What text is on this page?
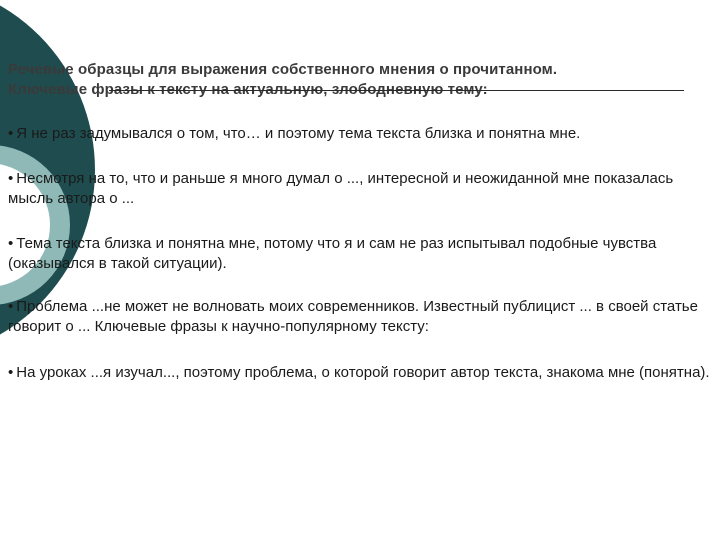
Речевые образцы для выражения собственного мнения о прочитанном.
Ключевые фразы к тексту на актуальную, злободневную тему:
• Я не раз задумывался о том, что… и поэтому тема текста близка и понятна мне.
• Несмотря на то, что и раньше я много думал о ..., интересной и неожиданной мне показалась мысль автора о ...
• Тема текста близка и понятна мне, потому что я и сам не раз испытывал подобные чувства (оказывался в такой ситуации).
• Проблема ...не может не волновать моих современников. Известный публицист ... в своей статье говорит о ... Ключевые фразы к научно-популярному тексту:
• На уроках ...я изучал..., поэтому проблема, о которой говорит автор текста, знакома мне (понятна).
